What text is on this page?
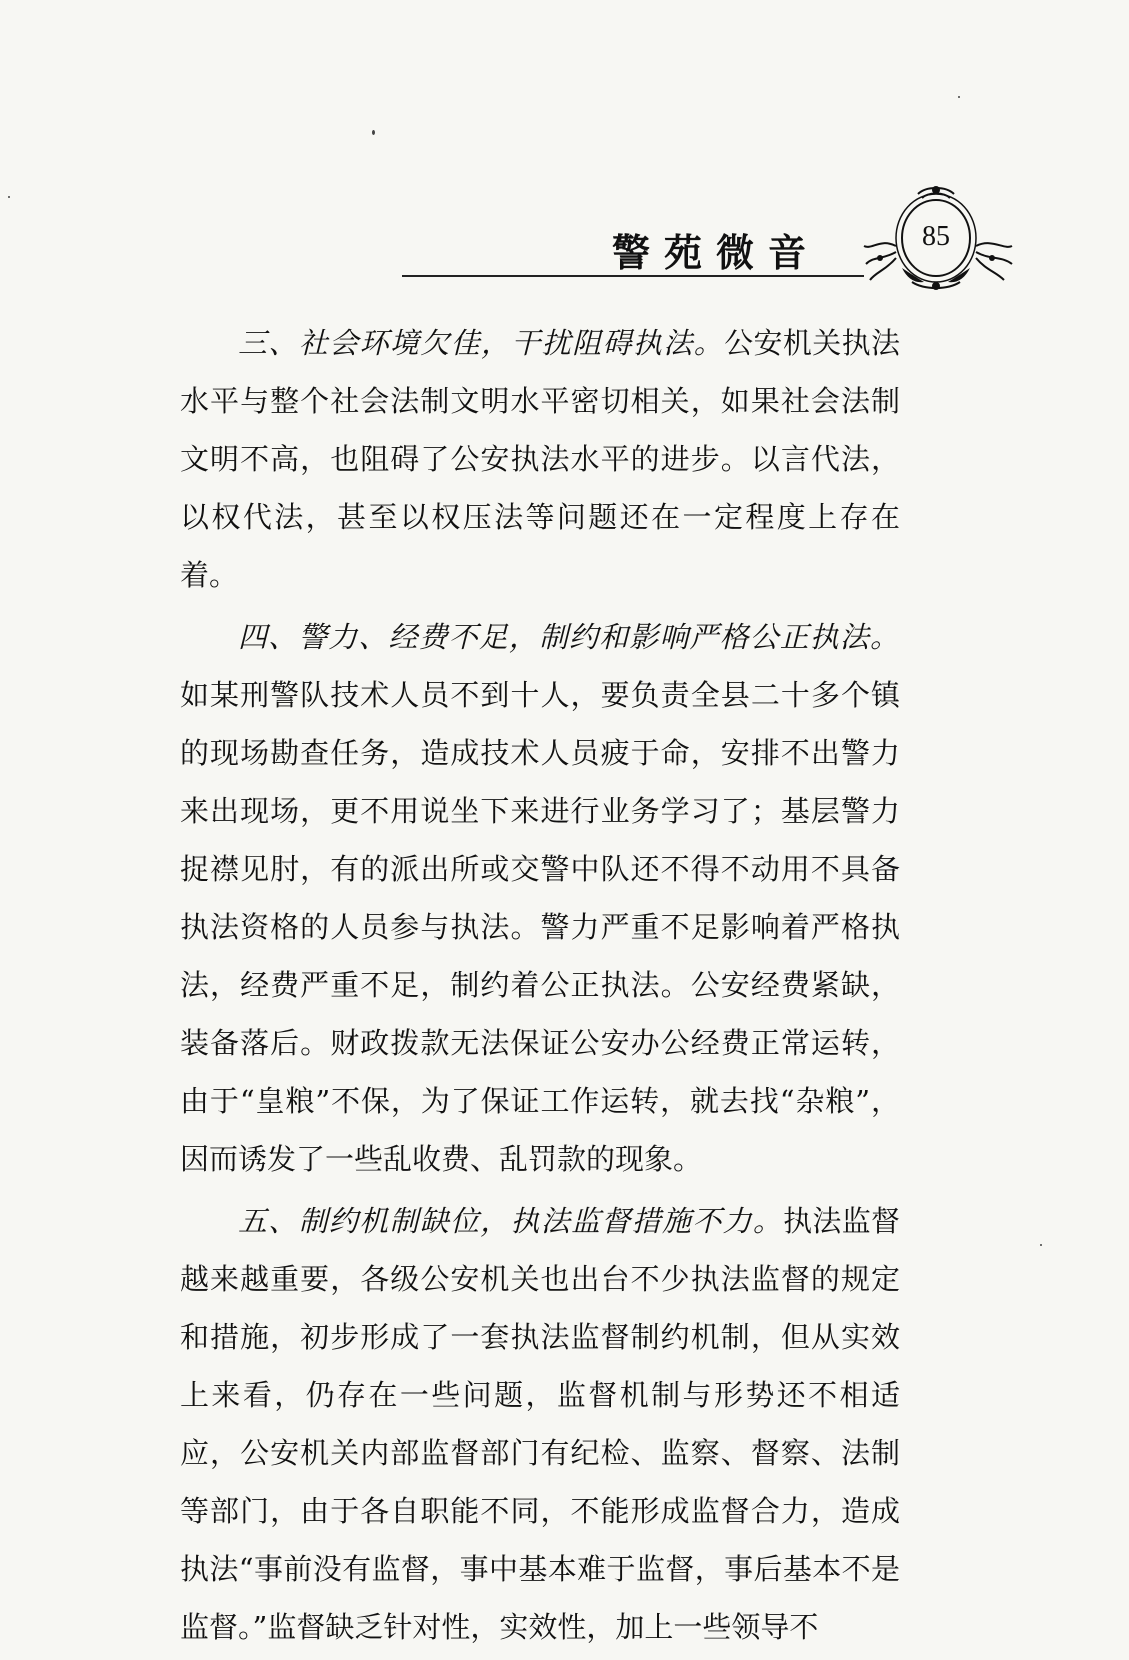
警苑微音	85

三、社会环境欠佳，干扰阻碍执法。公安机关执法水平与整个社会法制文明水平密切相关，如果社会法制文明不高，也阻碍了公安执法水平的进步。以言代法，以权代法，甚至以权压法等问题还在一定程度上存在着。

四、警力、经费不足，制约和影响严格公正执法。如某刑警队技术人员不到十人，要负责全县二十多个镇的现场勘查任务，造成技术人员疲于命，安排不出警力来出现场，更不用说坐下来进行业务学习了；基层警力捉襟见肘，有的派出所或交警中队还不得不动用不具备执法资格的人员参与执法。警力严重不足影响着严格执法，经费严重不足，制约着公正执法。公安经费紧缺，装备落后。财政拨款无法保证公安办公经费正常运转，由于“皇粮”不保，为了保证工作运转，就去找“杂粮”，因而诱发了一些乱收费、乱罚款的现象。

五、制约机制缺位，执法监督措施不力。执法监督越来越重要，各级公安机关也出台不少执法监督的规定和措施，初步形成了一套执法监督制约机制，但从实效上来看，仍存在一些问题，监督机制与形势还不相适应，公安机关内部监督部门有纪检、监察、督察、法制等部门，由于各自职能不同，不能形成监督合力，造成执法“事前没有监督，事中基本难于监督，事后基本不是监督。”监督缺乏针对性，实效性，加上一些领导不
